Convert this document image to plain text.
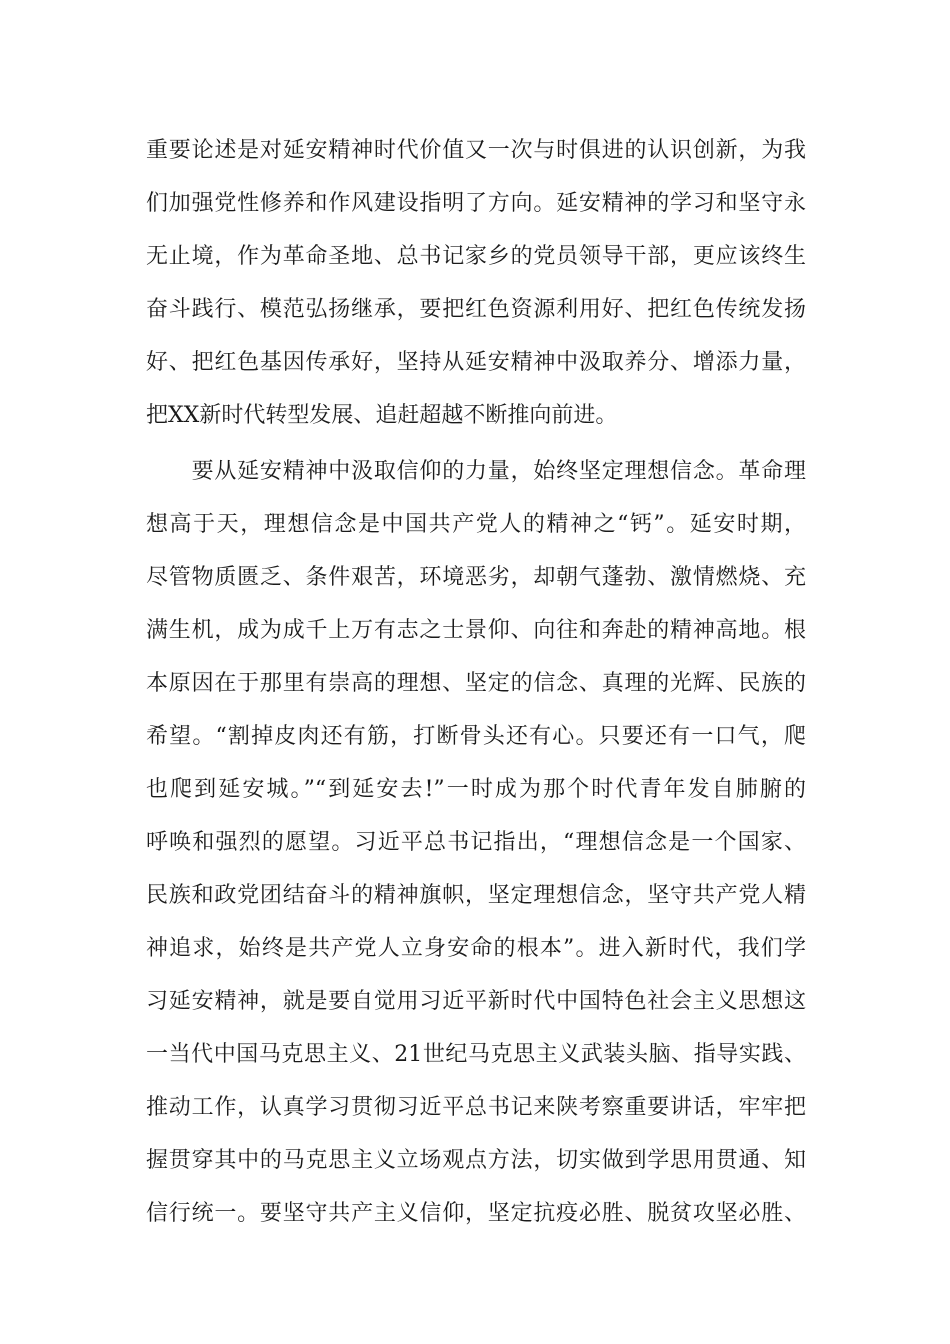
重要论述是对延安精神时代价值又一次与时俱进的认识创新，为我
们加强党性修养和作风建设指明了方向。延安精神的学习和坚守永
无止境，作为革命圣地、总书记家乡的党员领导干部，更应该终生
奋斗践行、模范弘扬继承，要把红色资源利用好、把红色传统发扬
好、把红色基因传承好，坚持从延安精神中汲取养分、增添力量，
把XX新时代转型发展、追赶超越不断推向前进。
　　要从延安精神中汲取信仰的力量，始终坚定理想信念。革命理
想高于天，理想信念是中国共产党人的精神之“钙”。延安时期，
尽管物质匮乏、条件艰苦，环境恶劣，却朝气蓬勃、激情燃烧、充
满生机，成为成千上万有志之士景仰、向往和奔赴的精神高地。根
本原因在于那里有崇高的理想、坚定的信念、真理的光辉、民族的
希望。“割掉皮肉还有筋，打断骨头还有心。只要还有一口气，爬
也爬到延安城。”“到延安去!”一时成为那个时代青年发自肺腑的
呼唤和强烈的愿望。习近平总书记指出，“理想信念是一个国家、
民族和政党团结奋斗的精神旗帜，坚定理想信念，坚守共产党人精
神追求，始终是共产党人立身安命的根本”。进入新时代，我们学
习延安精神，就是要自觉用习近平新时代中国特色社会主义思想这
一当代中国马克思主义、21世纪马克思主义武装头脑、指导实践、
推动工作，认真学习贯彻习近平总书记来陕考察重要讲话，牢牢把
握贯穿其中的马克思主义立场观点方法，切实做到学思用贯通、知
信行统一。要坚守共产主义信仰，坚定抗疫必胜、脱贫攻坚必胜、
